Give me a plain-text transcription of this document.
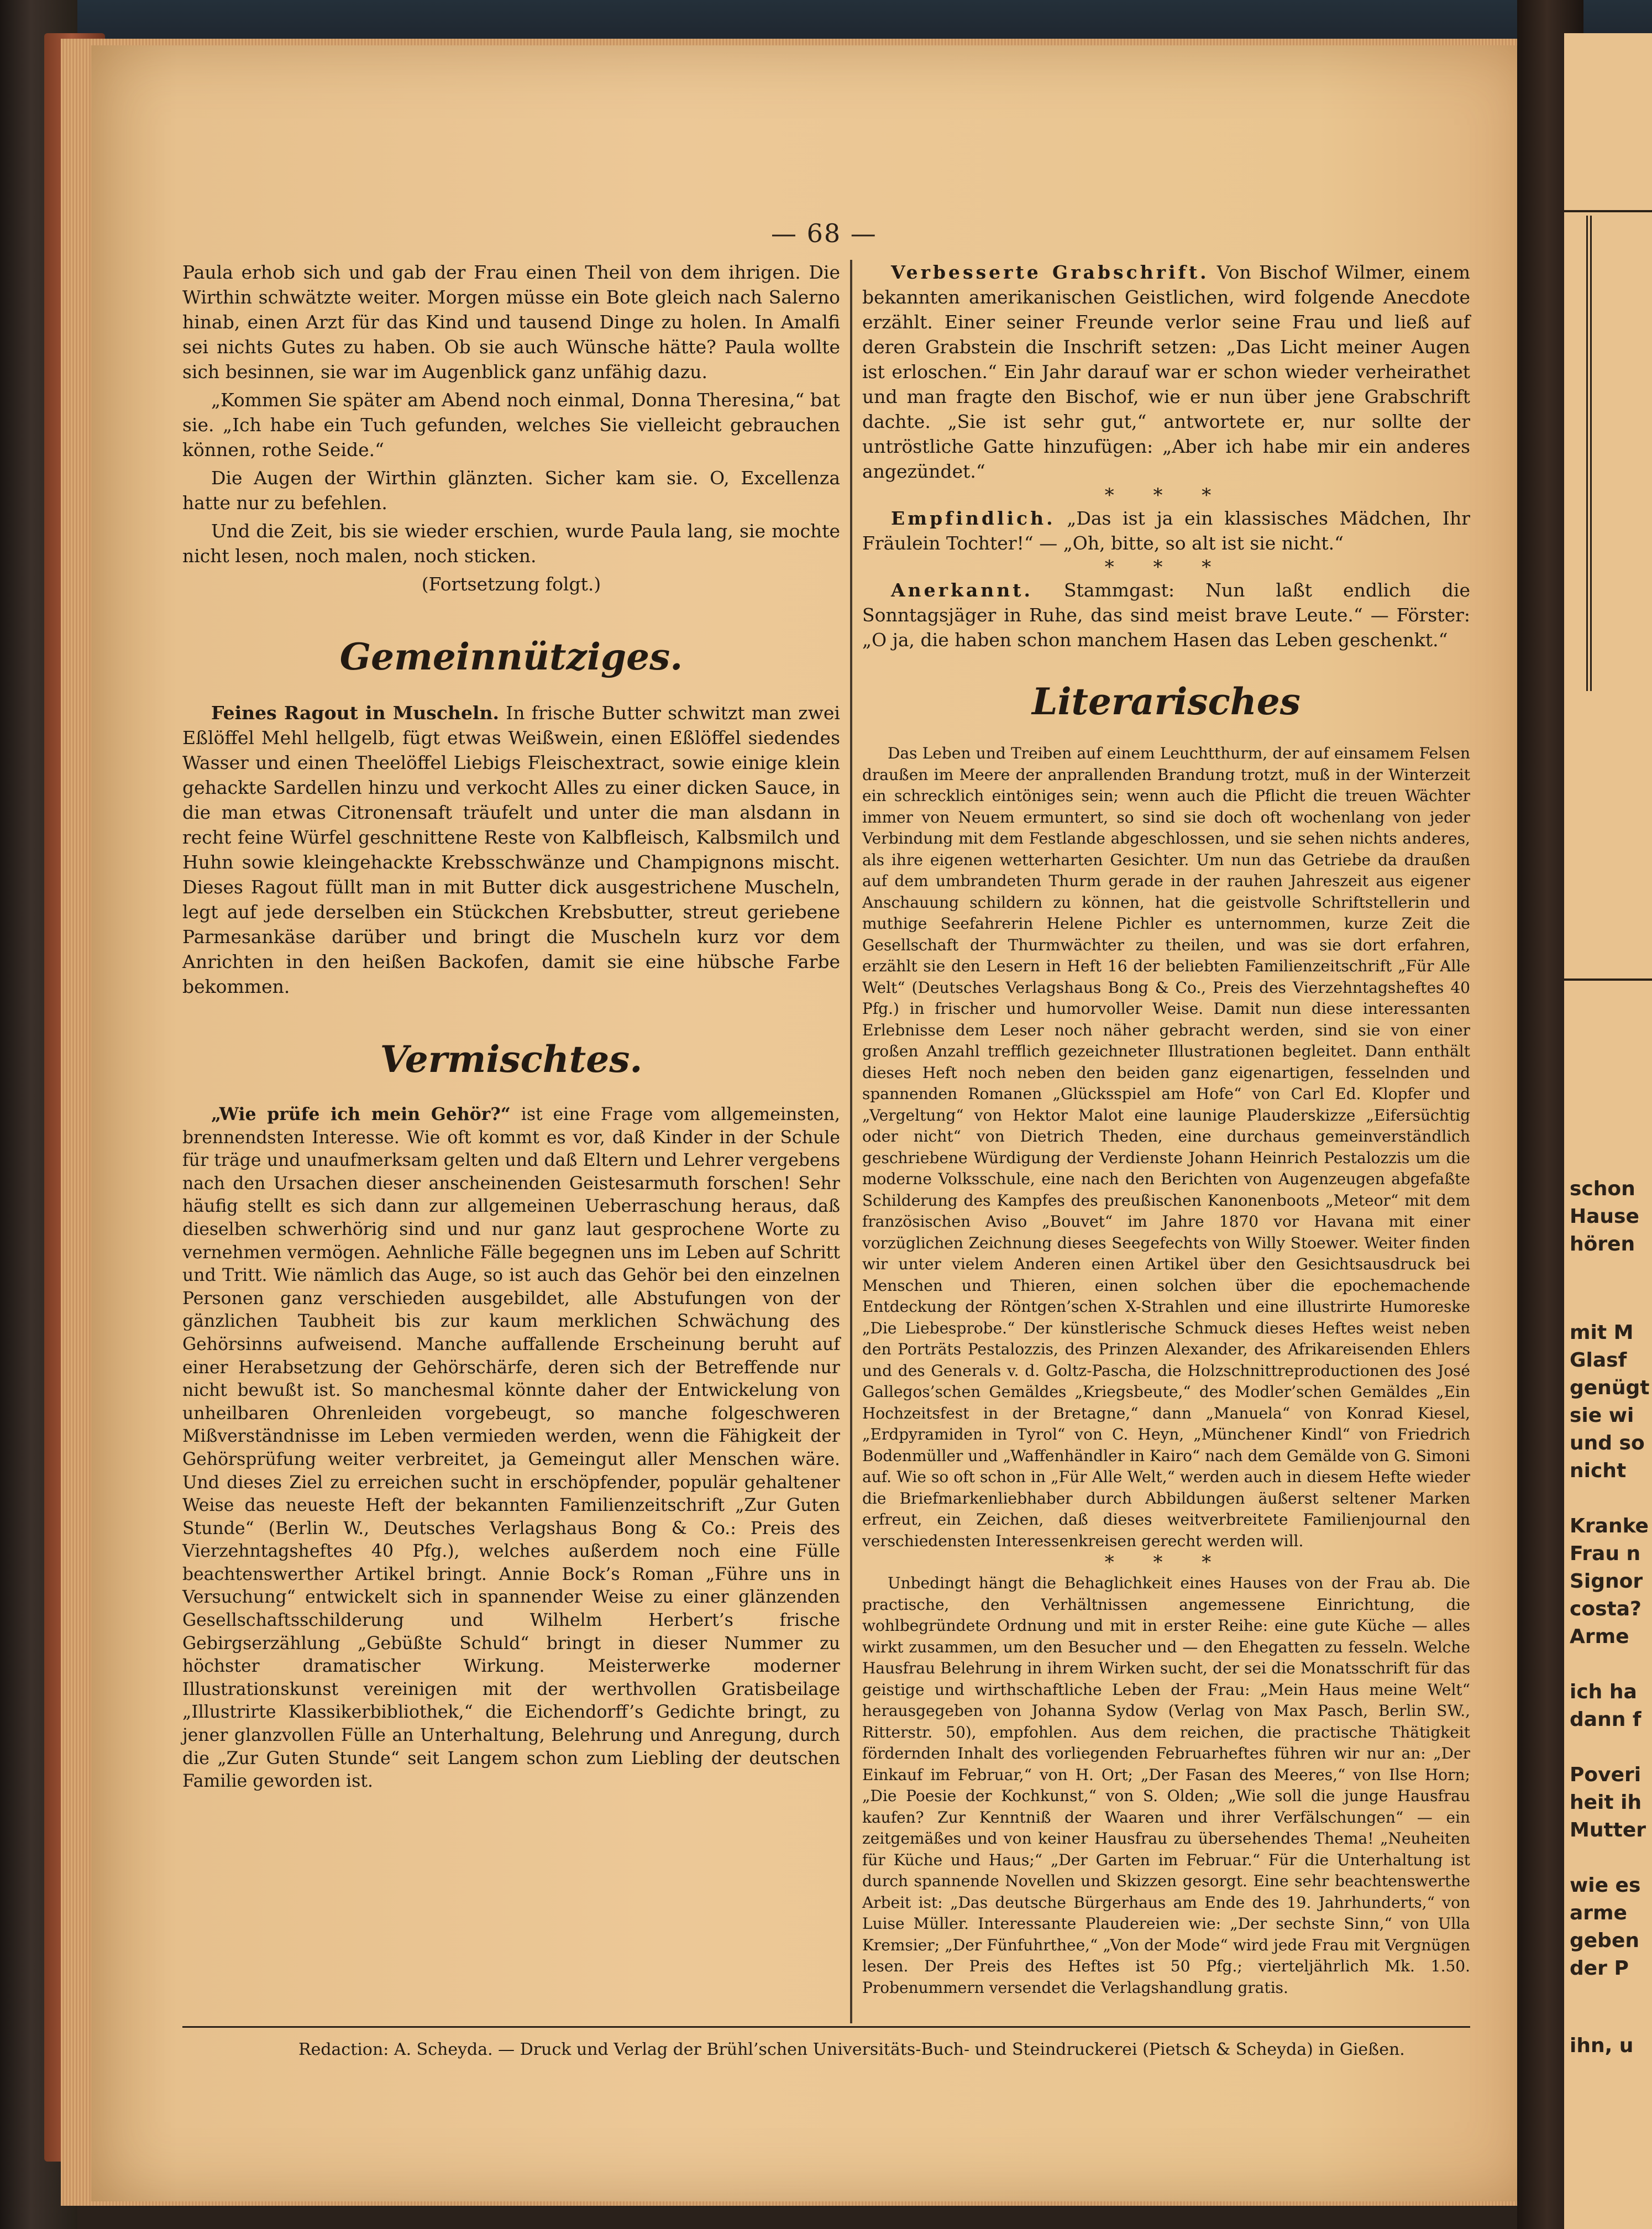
schon
Hause
hören
mit M
Glasf
genügt
sie wi
und so
nicht
Kranke
Frau n
Signor
costa?
Arme
ich ha
dann f
Poveri
heit ih
Mutter
wie es
arme
geben
der P
ihn, u
— 68 —

Paula erhob sich und gab der Frau einen Theil von dem ihrigen. Die Wirthin schwätzte weiter. Morgen müsse ein Bote gleich nach Salerno hinab, einen Arzt für das Kind und tausend Dinge zu holen. In Amalfi sei nichts Gutes zu haben. Ob sie auch Wünsche hätte? Paula wollte sich besinnen, sie war im Augenblick ganz unfähig dazu.

„Kommen Sie später am Abend noch einmal, Donna Theresina,“ bat sie. „Ich habe ein Tuch gefunden, welches Sie vielleicht gebrauchen können, rothe Seide.“

Die Augen der Wirthin glänzten. Sicher kam sie. O, Excellenza hatte nur zu befehlen.

Und die Zeit, bis sie wieder erschien, wurde Paula lang, sie mochte nicht lesen, noch malen, noch sticken.

(Fortsetzung folgt.)

Gemeinnütziges.

Feines Ragout in Muscheln. In frische Butter schwitzt man zwei Eßlöffel Mehl hellgelb, fügt etwas Weißwein, einen Eßlöffel siedendes Wasser und einen Theelöffel Liebigs Fleischextract, sowie einige klein gehackte Sardellen hinzu und verkocht Alles zu einer dicken Sauce, in die man etwas Citronensaft träufelt und unter die man alsdann in recht feine Würfel geschnittene Reste von Kalbfleisch, Kalbsmilch und Huhn sowie kleingehackte Krebsschwänze und Champignons mischt. Dieses Ragout füllt man in mit Butter dick ausgestrichene Muscheln, legt auf jede derselben ein Stückchen Krebsbutter, streut geriebene Parmesankäse darüber und bringt die Muscheln kurz vor dem Anrichten in den heißen Backofen, damit sie eine hübsche Farbe bekommen.

Vermischtes.

„Wie prüfe ich mein Gehör?“ ist eine Frage vom allgemeinsten, brennendsten Interesse. Wie oft kommt es vor, daß Kinder in der Schule für träge und unaufmerksam gelten und daß Eltern und Lehrer vergebens nach den Ursachen dieser anscheinenden Geistesarmuth forschen! Sehr häufig stellt es sich dann zur allgemeinen Ueberraschung heraus, daß dieselben schwerhörig sind und nur ganz laut gesprochene Worte zu vernehmen vermögen. Aehnliche Fälle begegnen uns im Leben auf Schritt und Tritt. Wie nämlich das Auge, so ist auch das Gehör bei den einzelnen Personen ganz verschieden ausgebildet, alle Abstufungen von der gänzlichen Taubheit bis zur kaum merklichen Schwächung des Gehörsinns aufweisend. Manche auffallende Erscheinung beruht auf einer Herabsetzung der Gehörschärfe, deren sich der Betreffende nur nicht bewußt ist. So manchesmal könnte daher der Entwickelung von unheilbaren Ohrenleiden vorgebeugt, so manche folgeschweren Mißverständnisse im Leben vermieden werden, wenn die Fähigkeit der Gehörsprüfung weiter verbreitet, ja Gemeingut aller Menschen wäre. Und dieses Ziel zu erreichen sucht in erschöpfender, populär gehaltener Weise das neueste Heft der bekannten Familienzeitschrift „Zur Guten Stunde“ (Berlin W., Deutsches Verlagshaus Bong & Co.: Preis des Vierzehntagsheftes 40 Pfg.), welches außerdem noch eine Fülle beachtenswerther Artikel bringt. Annie Bock’s Roman „Führe uns in Versuchung“ entwickelt sich in spannender Weise zu einer glänzenden Gesellschaftsschilderung und Wilhelm Herbert’s frische Gebirgserzählung „Gebüßte Schuld“ bringt in dieser Nummer zu höchster dramatischer Wirkung. Meisterwerke moderner Illustrationskunst vereinigen mit der werthvollen Gratisbeilage „Illustrirte Klassikerbibliothek,“ die Eichendorff’s Gedichte bringt, zu jener glanzvollen Fülle an Unterhaltung, Belehrung und Anregung, durch die „Zur Guten Stunde“ seit Langem schon zum Liebling der deutschen Familie geworden ist.

Verbesserte Grabschrift. Von Bischof Wilmer, einem bekannten amerikanischen Geistlichen, wird folgende Anecdote erzählt. Einer seiner Freunde verlor seine Frau und ließ auf deren Grabstein die Inschrift setzen: „Das Licht meiner Augen ist erloschen.“ Ein Jahr darauf war er schon wieder verheirathet und man fragte den Bischof, wie er nun über jene Grabschrift dachte. „Sie ist sehr gut,“ antwortete er, nur sollte der untröstliche Gatte hinzufügen: „Aber ich habe mir ein anderes angezündet.“

* * *

Empfindlich. „Das ist ja ein klassisches Mädchen, Ihr Fräulein Tochter!“ — „Oh, bitte, so alt ist sie nicht.“

* * *

Anerkannt. Stammgast: Nun laßt endlich die Sonntagsjäger in Ruhe, das sind meist brave Leute.“ — Förster: „O ja, die haben schon manchem Hasen das Leben geschenkt.“

Literarisches

Das Leben und Treiben auf einem Leuchtthurm, der auf einsamem Felsen draußen im Meere der anprallenden Brandung trotzt, muß in der Winterzeit ein schrecklich eintöniges sein; wenn auch die Pflicht die treuen Wächter immer von Neuem ermuntert, so sind sie doch oft wochenlang von jeder Verbindung mit dem Festlande abgeschlossen, und sie sehen nichts anderes, als ihre eigenen wetterharten Gesichter. Um nun das Getriebe da draußen auf dem umbrandeten Thurm gerade in der rauhen Jahreszeit aus eigener Anschauung schildern zu können, hat die geistvolle Schriftstellerin und muthige Seefahrerin Helene Pichler es unternommen, kurze Zeit die Gesellschaft der Thurmwächter zu theilen, und was sie dort erfahren, erzählt sie den Lesern in Heft 16 der beliebten Familienzeitschrift „Für Alle Welt“ (Deutsches Verlagshaus Bong & Co., Preis des Vierzehntagsheftes 40 Pfg.) in frischer und humorvoller Weise. Damit nun diese interessanten Erlebnisse dem Leser noch näher gebracht werden, sind sie von einer großen Anzahl trefflich gezeichneter Illustrationen begleitet. Dann enthält dieses Heft noch neben den beiden ganz eigenartigen, fesselnden und spannenden Romanen „Glücksspiel am Hofe“ von Carl Ed. Klopfer und „Vergeltung“ von Hektor Malot eine launige Plauderskizze „Eifersüchtig oder nicht“ von Dietrich Theden, eine durchaus gemeinverständlich geschriebene Würdigung der Verdienste Johann Heinrich Pestalozzis um die moderne Volksschule, eine nach den Berichten von Augenzeugen abgefaßte Schilderung des Kampfes des preußischen Kanonenboots „Meteor“ mit dem französischen Aviso „Bouvet“ im Jahre 1870 vor Havana mit einer vorzüglichen Zeichnung dieses Seegefechts von Willy Stoewer. Weiter finden wir unter vielem Anderen einen Artikel über den Gesichtsausdruck bei Menschen und Thieren, einen solchen über die epochemachende Entdeckung der Röntgen’schen X-Strahlen und eine illustrirte Humoreske „Die Liebesprobe.“ Der künstlerische Schmuck dieses Heftes weist neben den Porträts Pestalozzis, des Prinzen Alexander, des Afrikareisenden Ehlers und des Generals v. d. Goltz-Pascha, die Holzschnittreproductionen des José Gallegos’schen Gemäldes „Kriegsbeute,“ des Modler’schen Gemäldes „Ein Hochzeitsfest in der Bretagne,“ dann „Manuela“ von Konrad Kiesel, „Erdpyramiden in Tyrol“ von C. Heyn, „Münchener Kindl“ von Friedrich Bodenmüller und „Waffenhändler in Kairo“ nach dem Gemälde von G. Simoni auf. Wie so oft schon in „Für Alle Welt,“ werden auch in diesem Hefte wieder die Briefmarkenliebhaber durch Abbildungen äußerst seltener Marken erfreut, ein Zeichen, daß dieses weitverbreitete Familienjournal den verschiedensten Interessenkreisen gerecht werden will.

* * *

Unbedingt hängt die Behaglichkeit eines Hauses von der Frau ab. Die practische, den Verhältnissen angemessene Einrichtung, die wohlbegründete Ordnung und mit in erster Reihe: eine gute Küche — alles wirkt zusammen, um den Besucher und — den Ehegatten zu fesseln. Welche Hausfrau Belehrung in ihrem Wirken sucht, der sei die Monatsschrift für das geistige und wirthschaftliche Leben der Frau: „Mein Haus meine Welt“ herausgegeben von Johanna Sydow (Verlag von Max Pasch, Berlin SW., Ritterstr. 50), empfohlen. Aus dem reichen, die practische Thätigkeit fördernden Inhalt des vorliegenden Februarheftes führen wir nur an: „Der Einkauf im Februar,“ von H. Ort; „Der Fasan des Meeres,“ von Ilse Horn; „Die Poesie der Kochkunst,“ von S. Olden; „Wie soll die junge Hausfrau kaufen? Zur Kenntniß der Waaren und ihrer Verfälschungen“ — ein zeitgemäßes und von keiner Hausfrau zu übersehendes Thema! „Neuheiten für Küche und Haus;“ „Der Garten im Februar.“ Für die Unterhaltung ist durch spannende Novellen und Skizzen gesorgt. Eine sehr beachtenswerthe Arbeit ist: „Das deutsche Bürgerhaus am Ende des 19. Jahrhunderts,“ von Luise Müller. Interessante Plaudereien wie: „Der sechste Sinn,“ von Ulla Kremsier; „Der Fünfuhrthee,“ „Von der Mode“ wird jede Frau mit Vergnügen lesen. Der Preis des Heftes ist 50 Pfg.; vierteljährlich Mk. 1.50. Probenummern versendet die Verlagshandlung gratis.

Redaction: A. Scheyda. — Druck und Verlag der Brühl’schen Universitäts-Buch- und Steindruckerei (Pietsch & Scheyda) in Gießen.
